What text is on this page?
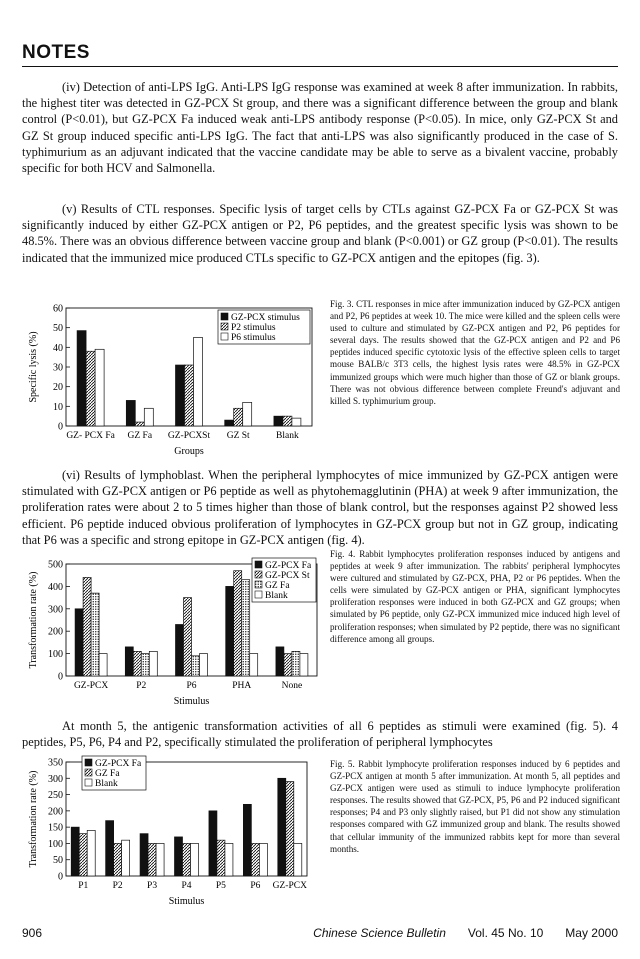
NOTES

(iv) Detection of anti-LPS IgG. Anti-LPS IgG response was examined at week 8 after immunization. In rabbits, the highest titer was detected in GZ-PCX St group, and there was a significant difference between the group and blank control (P<0.01), but GZ-PCX Fa induced weak anti-LPS antibody response (P<0.05). In mice, only GZ-PCX St and GZ St group induced specific anti-LPS IgG. The fact that anti-LPS was also significantly produced in the case of S. typhimurium as an adjuvant indicated that the vaccine candidate may be able to serve as a bivalent vaccine, probably specific for both HCV and Salmonella.

(v) Results of CTL responses. Specific lysis of target cells by CTLs against GZ-PCX Fa or GZ-PCX St was significantly induced by either GZ-PCX antigen or P2, P6 peptides, and the greatest specific lysis was shown to be 48.5%. There was an obvious difference between vaccine group and blank (P<0.001) or GZ group (P<0.01). The results indicated that the immunized mice produced CTLs specific to GZ-PCX antigen and the epitopes (fig. 3).

0
10
20
30
40
50
60
Specific lysis (%)
GZ- PCX Fa GZ Fa GZ-PCXSt GZ St	Blank
Groups
GZ-PCX stimulus
P2 stimulus
P6 stimulus

Fig. 3. CTL responses in mice after immunization induced by GZ-PCX antigen and P2, P6 peptides at week 10. The mice were killed and the spleen cells were used to culture and stimulated by GZ-PCX antigen and P2, P6 peptides for several days. The results showed that the GZ-PCX antigen and P2 and P6 peptides induced specific cytotoxic lysis of the effective spleen cells to target mouse BALB/c 3T3 cells, the highest lysis rates were 48.5% in GZ-PCX immunized groups which were much higher than those of GZ or blank groups. There was not obvious difference between complete Freund's adjuvant and killed S. typhimurium group.

(vi) Results of lymphoblast. When the peripheral lymphocytes of mice immunized by GZ-PCX antigen were stimulated with GZ-PCX antigen or P6 peptide as well as phytohemagglutinin (PHA) at week 9 after immunization, the proliferation rates were about 2 to 5 times higher than those of blank control, but the responses against P2 showed less efficient. P6 peptide induced obvious proliferation of lymphocytes in GZ-PCX group but not in GZ group, indicating that P6 was a specific and strong epitope in GZ-PCX antigen (fig. 4).

0
100
200
300
400
500
Transformation rate (%)
GZ-PCX	P2	P6	PHA	None
Stimulus
GZ-PCX Fa
GZ-PCX St
GZ Fa
Blank

Fig. 4. Rabbit lymphocytes proliferation responses induced by antigens and peptides at week 9 after immunization. The rabbits' peripheral lymphocytes were cultured and stimulated by GZ-PCX, PHA, P2 or P6 peptides. When the cells were simulated by GZ-PCX antigen or PHA, significant lymphocytes proliferation responses were induced in both GZ-PCX and GZ groups; when simulated by P6 peptide, only GZ-PCX immunized mice induced high level of proliferation responses; when simulated by P2 peptide, there was no significant difference among all groups.

At month 5, the antigenic transformation activities of all 6 peptides as stimuli were examined (fig. 5). 4 peptides, P5, P6, P4 and P2, specifically stimulated the proliferation of peripheral lymphocytes

0
50
100
150
200
250
300
350
Transformation rate (%)
P1	P2	P3	P4	P5	P6 GZ-PCX
Stimulus
GZ-PCX Fa
GZ Fa
Blank

Fig. 5. Rabbit lymphocyte proliferation responses induced by 6 peptides and GZ-PCX antigen at month 5 after immunization. At month 5, all peptides and GZ-PCX antigen were used as stimuli to induce lymphocyte proliferation responses. The results showed that GZ-PCX, P5, P6 and P2 induced significant responses; P4 and P3 only slightly raised, but P1 did not show any stimulation responses compared with GZ immunized group and blank. The results showed that cellular immunity of the immunized rabbits kept for more than several months.

906	Chinese Science Bulletin Vol. 45 No. 10 May 2000
